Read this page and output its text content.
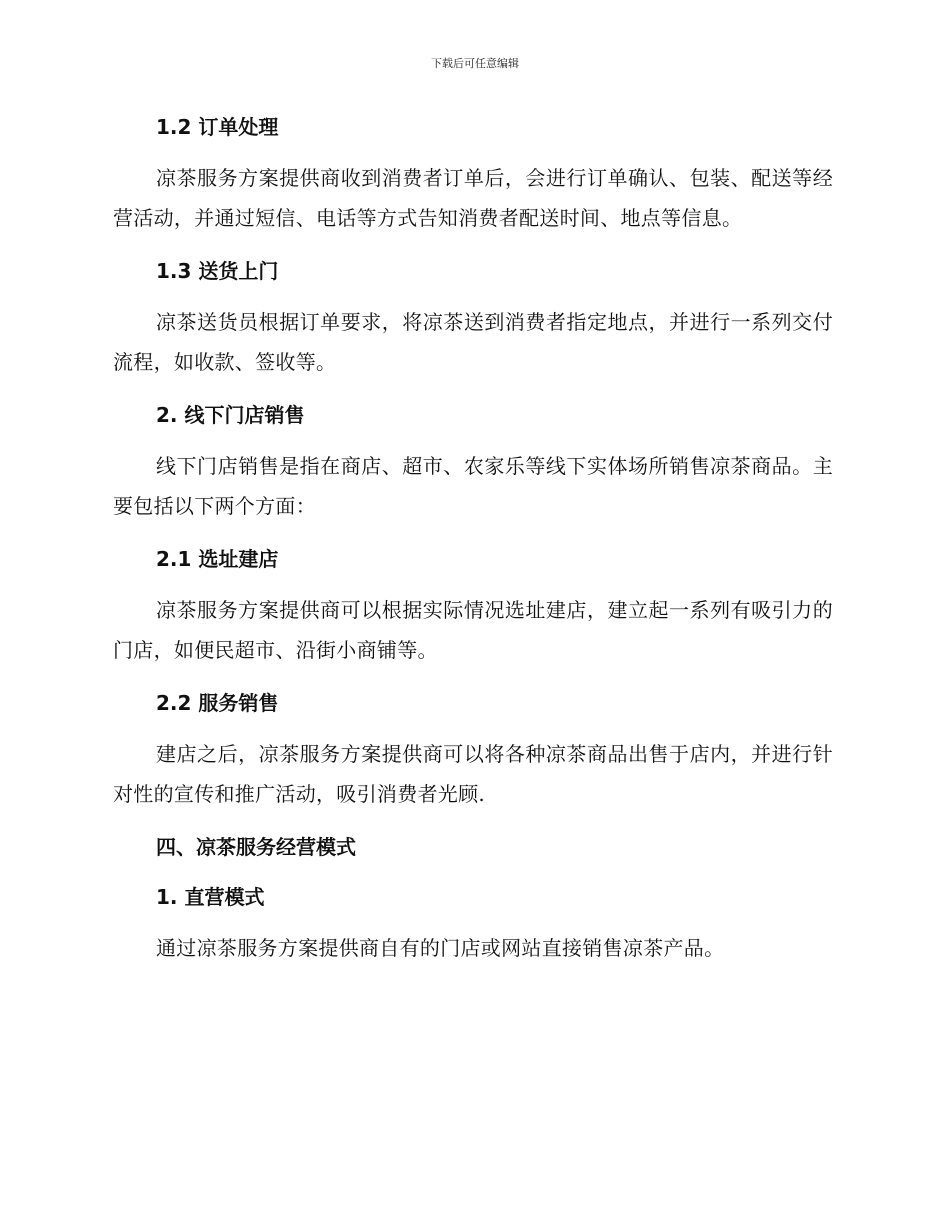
下载后可任意编辑
1.2 订单处理
凉茶服务方案提供商收到消费者订单后，会进行订单确认、包装、配送等经营活动，并通过短信、电话等方式告知消费者配送时间、地点等信息。
1.3 送货上门
凉茶送货员根据订单要求，将凉茶送到消费者指定地点，并进行一系列交付流程，如收款、签收等。
2. 线下门店销售
线下门店销售是指在商店、超市、农家乐等线下实体场所销售凉茶商品。主要包括以下两个方面：
2.1 选址建店
凉茶服务方案提供商可以根据实际情况选址建店，建立起一系列有吸引力的门店，如便民超市、沿街小商铺等。
2.2 服务销售
建店之后，凉茶服务方案提供商可以将各种凉茶商品出售于店内，并进行针对性的宣传和推广活动，吸引消费者光顾.
四、凉茶服务经营模式
1. 直营模式
通过凉茶服务方案提供商自有的门店或网站直接销售凉茶产品。
